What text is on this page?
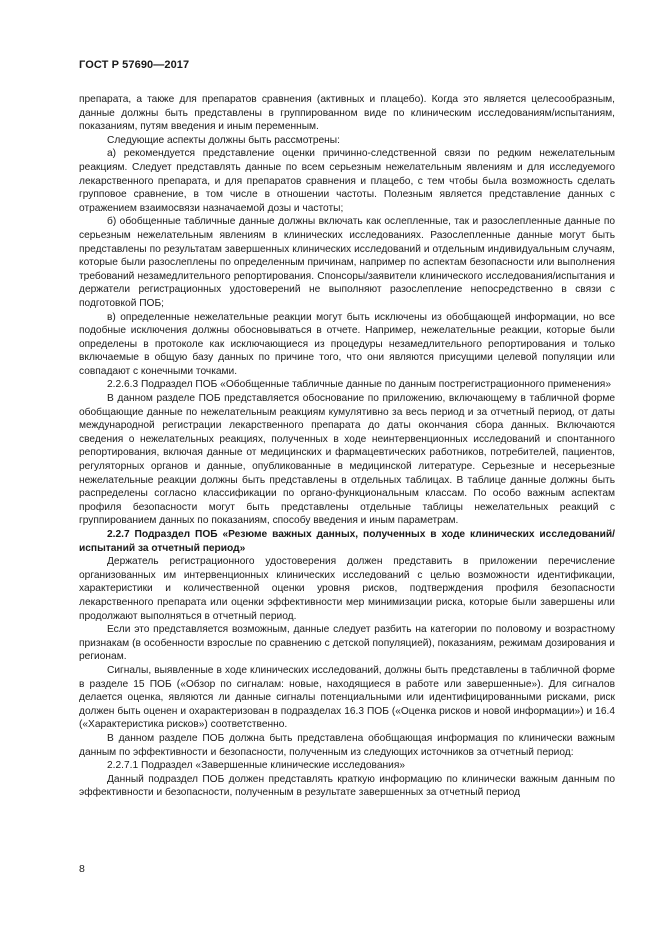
ГОСТ Р 57690—2017

препарата, а также для препаратов сравнения (активных и плацебо). Когда это является целесообразным, данные должны быть представлены в группированном виде по клиническим исследованиям/испытаниям, показаниям, путям введения и иным переменным.

Следующие аспекты должны быть рассмотрены:

а) рекомендуется представление оценки причинно-следственной связи по редким нежелательным реакциям. Следует представлять данные по всем серьезным нежелательным явлениям и для исследуемого лекарственного препарата, и для препаратов сравнения и плацебо, с тем чтобы была возможность сделать групповое сравнение, в том числе в отношении частоты. Полезным является представление данных с отражением взаимосвязи назначаемой дозы и частоты;

б) обобщенные табличные данные должны включать как ослепленные, так и разослепленные данные по серьезным нежелательным явлениям в клинических исследованиях. Разослепленные данные могут быть представлены по результатам завершенных клинических исследований и отдельным индивидуальным случаям, которые были разослеплены по определенным причинам, например по аспектам безопасности или выполнения требований незамедлительного репортирования. Спонсоры/заявители клинического исследования/испытания и держатели регистрационных удостоверений не выполняют разослепление непосредственно в связи с подготовкой ПОБ;

в) определенные нежелательные реакции могут быть исключены из обобщающей информации, но все подобные исключения должны обосновываться в отчете. Например, нежелательные реакции, которые были определены в протоколе как исключающиеся из процедуры незамедлительного репортирования и только включаемые в общую базу данных по причине того, что они являются присущими целевой популяции или совпадают с конечными точками.

2.2.6.3 Подраздел ПОБ «Обобщенные табличные данные по данным пострегистрационного применения»

В данном разделе ПОБ представляется обоснование по приложению, включающему в табличной форме обобщающие данные по нежелательным реакциям кумулятивно за весь период и за отчетный период, от даты международной регистрации лекарственного препарата до даты окончания сбора данных. Включаются сведения о нежелательных реакциях, полученных в ходе неинтервенционных исследований и спонтанного репортирования, включая данные от медицинских и фармацевтических работников, потребителей, пациентов, регуляторных органов и данные, опубликованные в медицинской литературе. Серьезные и несерьезные нежелательные реакции должны быть представлены в отдельных таблицах. В таблице данные должны быть распределены согласно классификации по органо-функциональным классам. По особо важным аспектам профиля безопасности могут быть представлены отдельные таблицы нежелательных реакций с группированием данных по показаниям, способу введения и иным параметрам.

2.2.7 Подраздел ПОБ «Резюме важных данных, полученных в ходе клинических исследований/испытаний за отчетный период»

Держатель регистрационного удостоверения должен представить в приложении перечисление организованных им интервенционных клинических исследований с целью возможности идентификации, характеристики и количественной оценки уровня рисков, подтверждения профиля безопасности лекарственного препарата или оценки эффективности мер минимизации риска, которые были завершены или продолжают выполняться в отчетный период.

Если это представляется возможным, данные следует разбить на категории по половому и возрастному признакам (в особенности взрослые по сравнению с детской популяцией), показаниям, режимам дозирования и регионам.

Сигналы, выявленные в ходе клинических исследований, должны быть представлены в табличной форме в разделе 15 ПОБ («Обзор по сигналам: новые, находящиеся в работе или завершенные»). Для сигналов делается оценка, являются ли данные сигналы потенциальными или идентифицированными рисками, риск должен быть оценен и охарактеризован в подразделах 16.3 ПОБ («Оценка рисков и новой информации») и 16.4 («Характеристика рисков») соответственно.

В данном разделе ПОБ должна быть представлена обобщающая информация по клинически важным данным по эффективности и безопасности, полученным из следующих источников за отчетный период:

2.2.7.1 Подраздел «Завершенные клинические исследования»

Данный подраздел ПОБ должен представлять краткую информацию по клинически важным данным по эффективности и безопасности, полученным в результате завершенных за отчетный период

8
